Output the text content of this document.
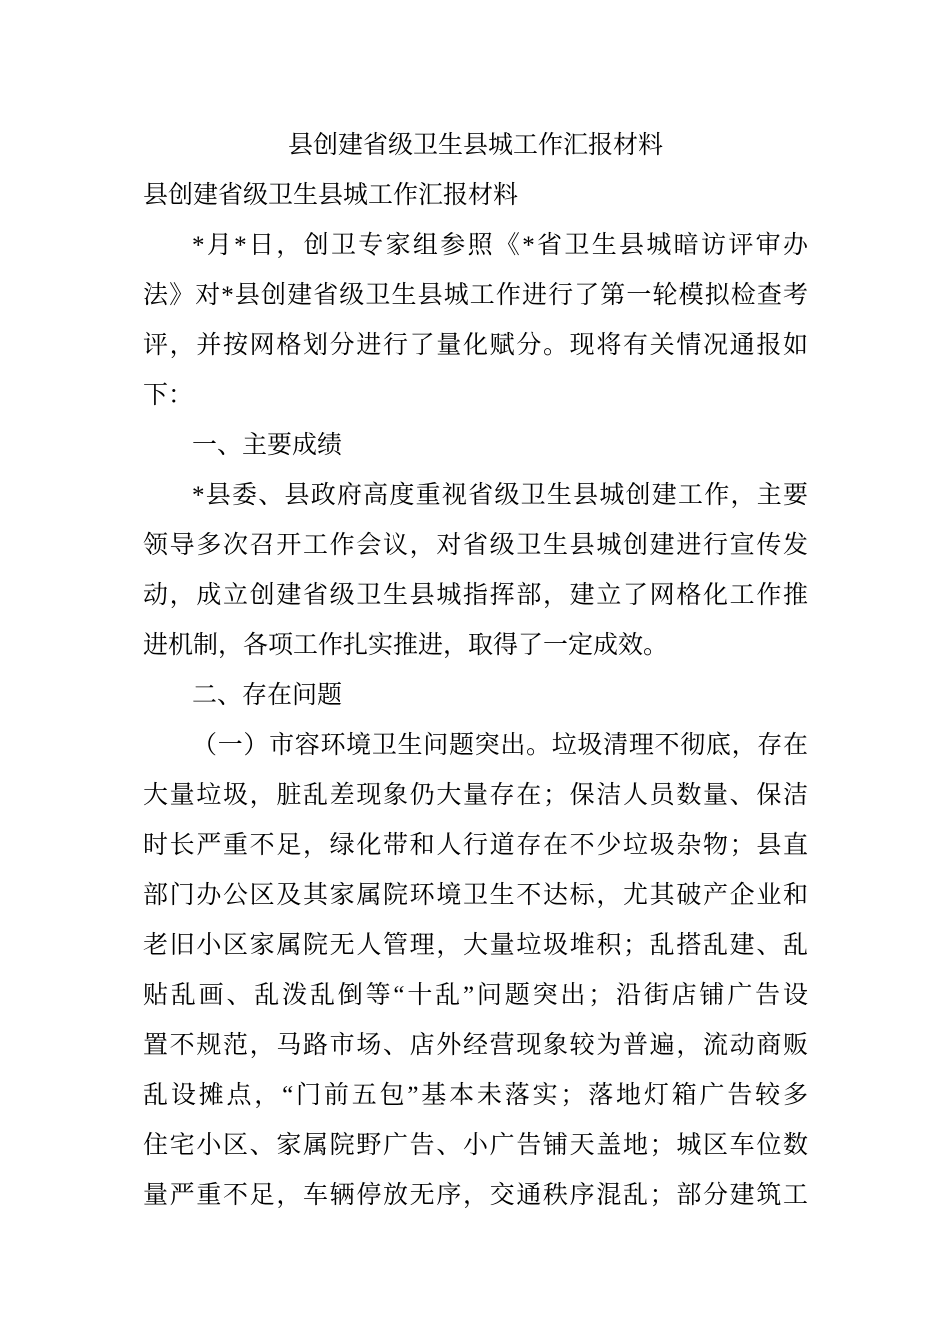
县创建省级卫生县城工作汇报材料
县创建省级卫生县城工作汇报材料
*月*日，创卫专家组参照《*省卫生县城暗访评审办
法》对*县创建省级卫生县城工作进行了第一轮模拟检查考
评，并按网格划分进行了量化赋分。现将有关情况通报如
下：
一、主要成绩
*县委、县政府高度重视省级卫生县城创建工作，主要
领导多次召开工作会议，对省级卫生县城创建进行宣传发
动，成立创建省级卫生县城指挥部，建立了网格化工作推
进机制，各项工作扎实推进，取得了一定成效。
二、存在问题
（一）市容环境卫生问题突出。垃圾清理不彻底，存在
大量垃圾，脏乱差现象仍大量存在；保洁人员数量、保洁
时长严重不足，绿化带和人行道存在不少垃圾杂物；县直
部门办公区及其家属院环境卫生不达标，尤其破产企业和
老旧小区家属院无人管理，大量垃圾堆积；乱搭乱建、乱
贴乱画、乱泼乱倒等“十乱”问题突出；沿街店铺广告设
置不规范，马路市场、店外经营现象较为普遍，流动商贩
乱设摊点，“门前五包”基本未落实；落地灯箱广告较多
住宅小区、家属院野广告、小广告铺天盖地；城区车位数
量严重不足，车辆停放无序，交通秩序混乱；部分建筑工
